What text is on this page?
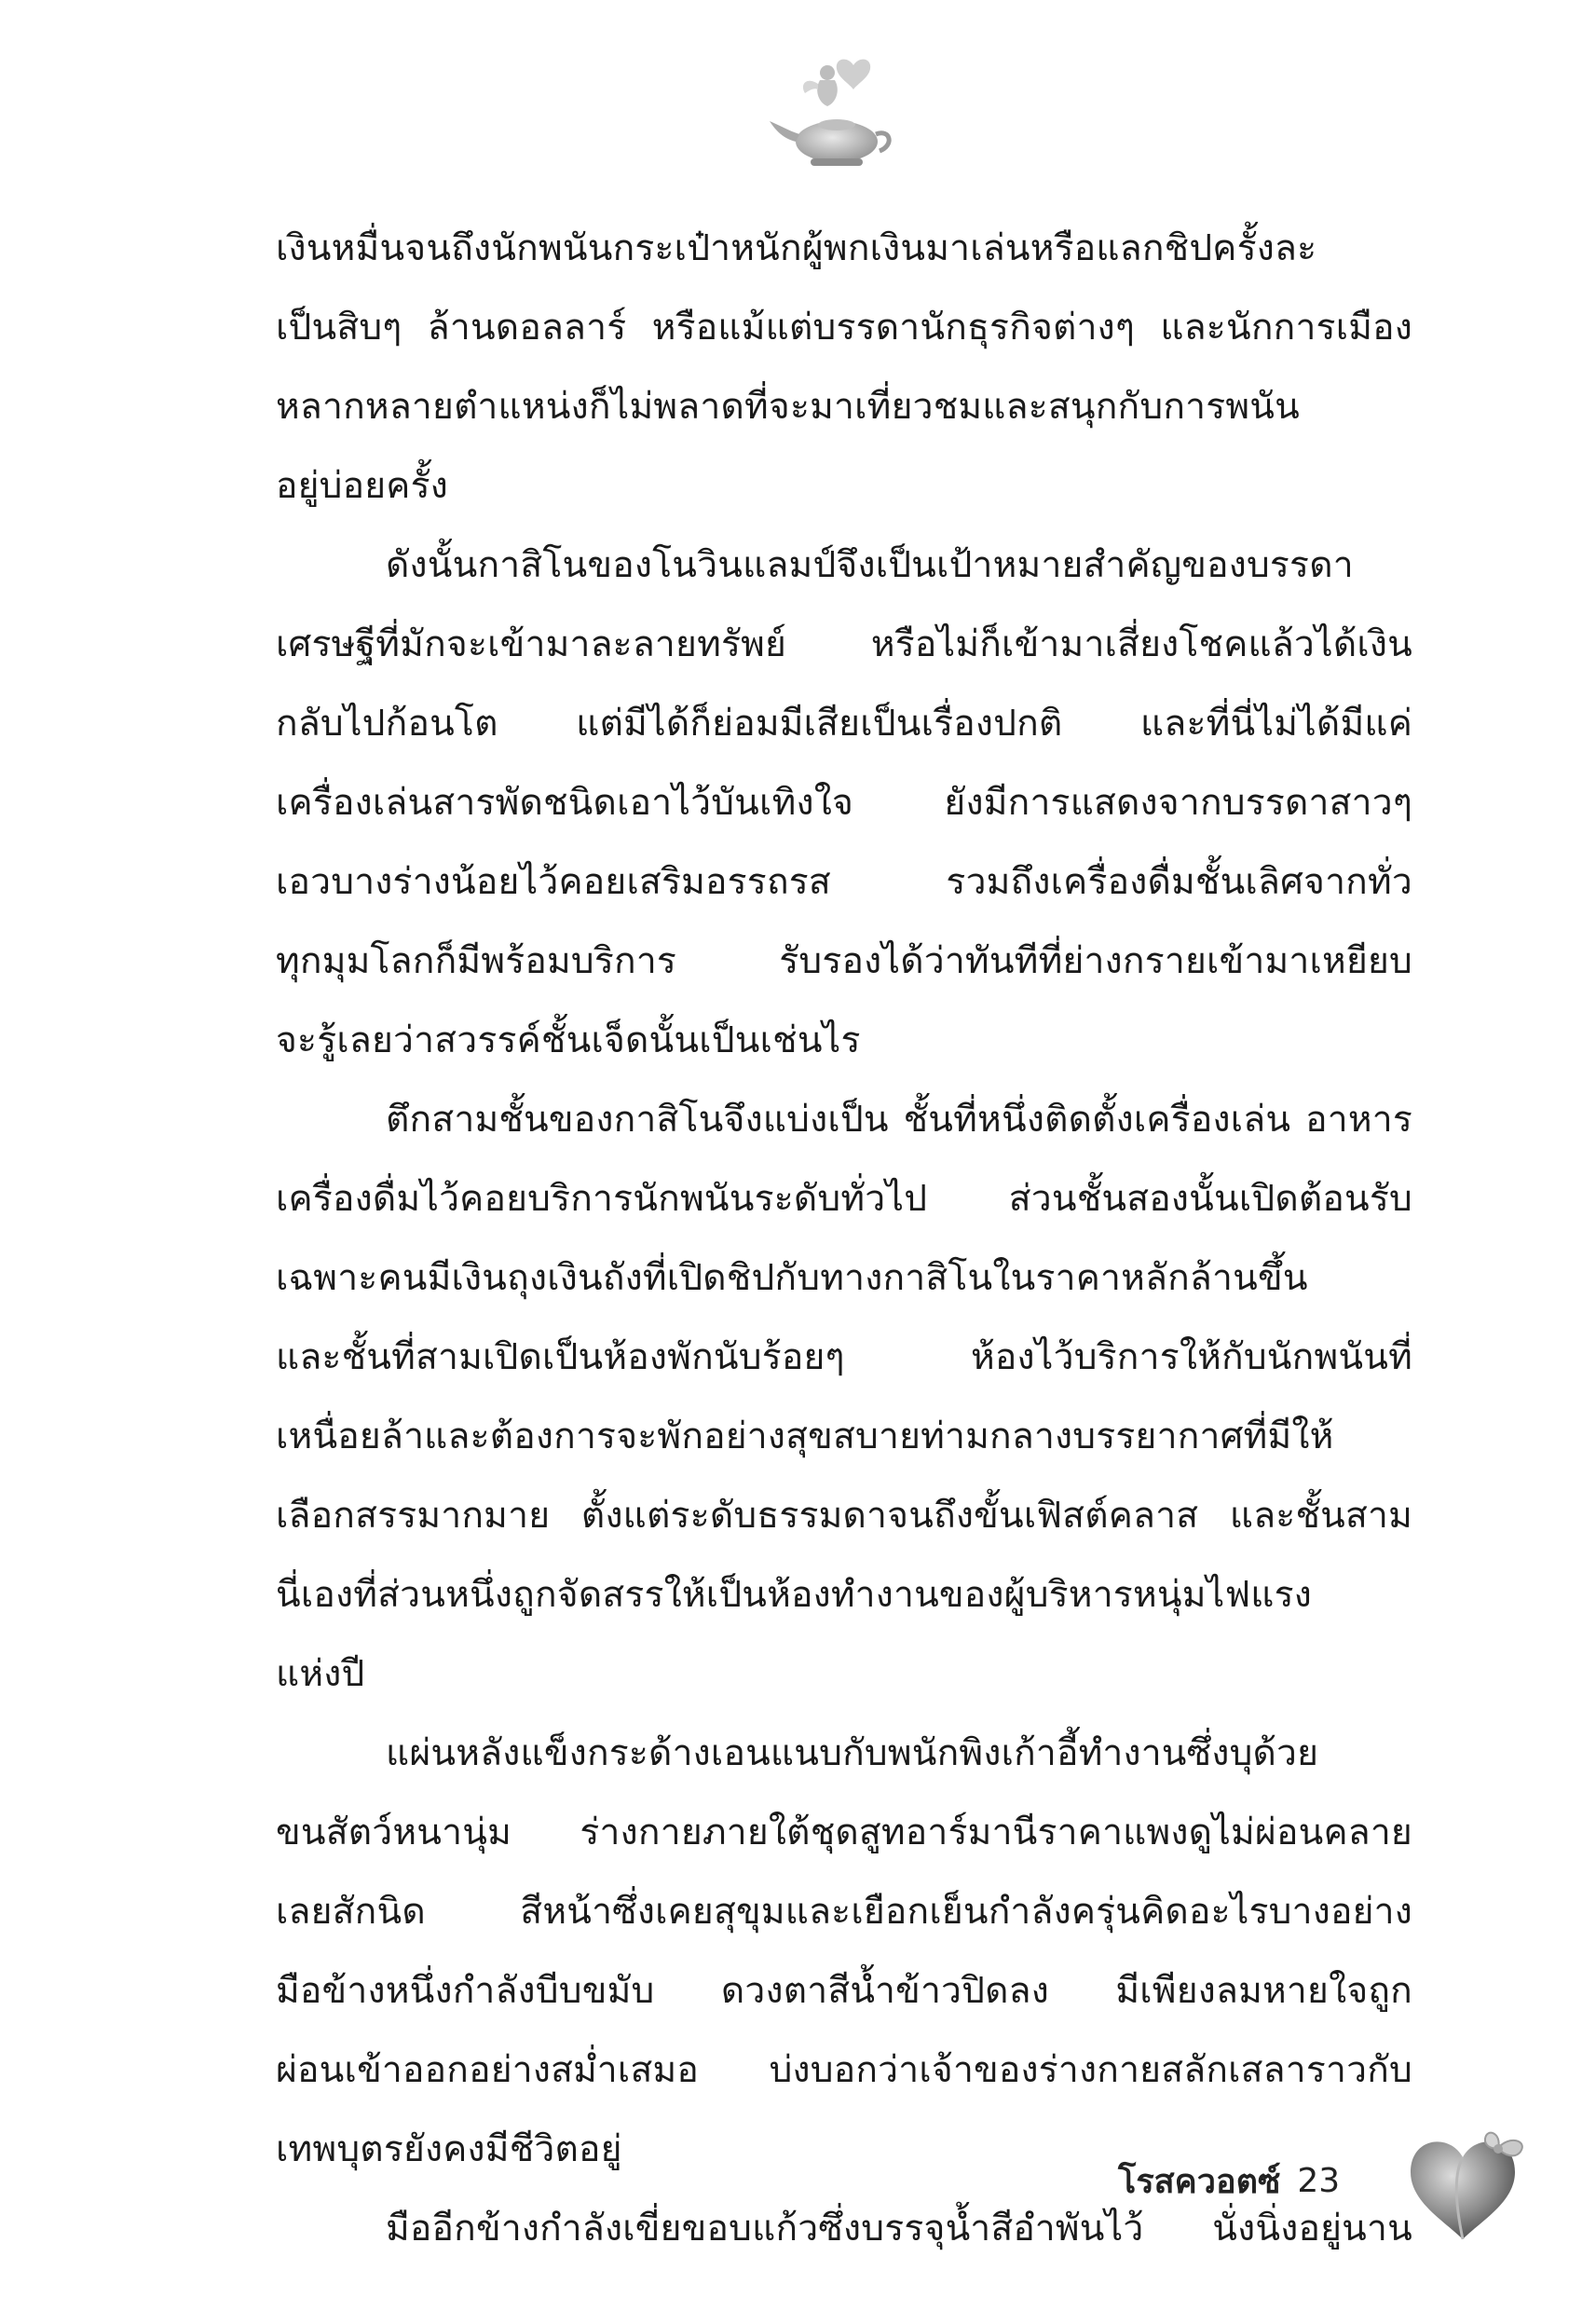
เงินหมื่นจนถึงนักพนันกระเป๋าหนักผู้พกเงินมาเล่นหรือแลกชิปครั้งละ
เป็นสิบๆ ล้านดอลลาร์ หรือแม้แต่บรรดานักธุรกิจต่างๆ และนักการเมือง
หลากหลายตำแหน่งก็ไม่พลาดที่จะมาเที่ยวชมและสนุกกับการพนัน
อยู่บ่อยครั้ง
ดังนั้นกาสิโนของโนวินแลมป์จึงเป็นเป้าหมายสำคัญของบรรดา
เศรษฐีที่มักจะเข้ามาละลายทรัพย์ หรือไม่ก็เข้ามาเสี่ยงโชคแล้วได้เงิน
กลับไปก้อนโต แต่มีได้ก็ย่อมมีเสียเป็นเรื่องปกติ และที่นี่ไม่ได้มีแค่
เครื่องเล่นสารพัดชนิดเอาไว้บันเทิงใจ ยังมีการแสดงจากบรรดาสาวๆ
เอวบางร่างน้อยไว้คอยเสริมอรรถรส รวมถึงเครื่องดื่มชั้นเลิศจากทั่ว
ทุกมุมโลกก็มีพร้อมบริการ รับรองได้ว่าทันทีที่ย่างกรายเข้ามาเหยียบ
จะรู้เลยว่าสวรรค์ชั้นเจ็ดนั้นเป็นเช่นไร
ตึกสามชั้นของกาสิโนจึงแบ่งเป็น ชั้นที่หนึ่งติดตั้งเครื่องเล่น อาหาร
เครื่องดื่มไว้คอยบริการนักพนันระดับทั่วไป ส่วนชั้นสองนั้นเปิดต้อนรับ
เฉพาะคนมีเงินถุงเงินถังที่เปิดชิปกับทางกาสิโนในราคาหลักล้านขึ้น
และชั้นที่สามเปิดเป็นห้องพักนับร้อยๆ ห้องไว้บริการให้กับนักพนันที่
เหนื่อยล้าและต้องการจะพักอย่างสุขสบายท่ามกลางบรรยากาศที่มีให้
เลือกสรรมากมาย ตั้งแต่ระดับธรรมดาจนถึงขั้นเฟิสต์คลาส และชั้นสาม
นี่เองที่ส่วนหนึ่งถูกจัดสรรให้เป็นห้องทำงานของผู้บริหารหนุ่มไฟแรง
แห่งปี
แผ่นหลังแข็งกระด้างเอนแนบกับพนักพิงเก้าอี้ทำงานซึ่งบุด้วย
ขนสัตว์หนานุ่ม ร่างกายภายใต้ชุดสูทอาร์มานีราคาแพงดูไม่ผ่อนคลาย
เลยสักนิด สีหน้าซึ่งเคยสุขุมและเยือกเย็นกำลังครุ่นคิดอะไรบางอย่าง
มือข้างหนึ่งกำลังบีบขมับ ดวงตาสีน้ำข้าวปิดลง มีเพียงลมหายใจถูก
ผ่อนเข้าออกอย่างสม่ำเสมอ บ่งบอกว่าเจ้าของร่างกายสลักเสลาราวกับ
เทพบุตรยังคงมีชีวิตอยู่
มืออีกข้างกำลังเขี่ยขอบแก้วซึ่งบรรจุน้ำสีอำพันไว้ นั่งนิ่งอยู่นาน
โรสควอตซ์ 23
